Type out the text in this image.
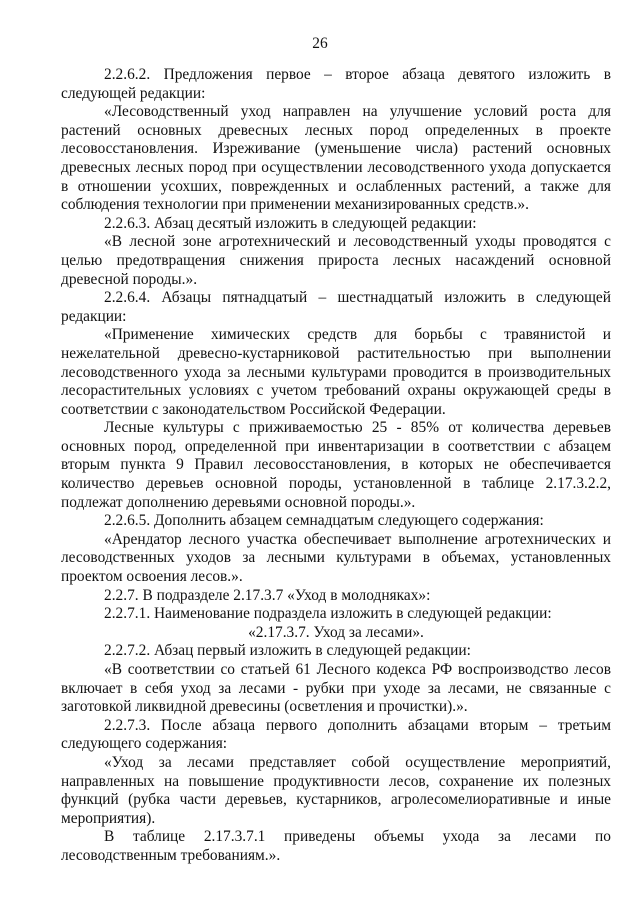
26

2.2.6.2. Предложения первое – второе абзаца девятого изложить в следующей редакции:

«Лесоводственный уход направлен на улучшение условий роста для растений основных древесных лесных пород определенных в проекте лесовосстановления. Изреживание (уменьшение числа) растений основных древесных лесных пород при осуществлении лесоводственного ухода допускается в отношении усохших, поврежденных и ослабленных растений, а также для соблюдения технологии при применении механизированных средств.».

2.2.6.3. Абзац десятый изложить в следующей редакции:

«В лесной зоне агротехнический и лесоводственный уходы проводятся с целью предотвращения снижения прироста лесных насаждений основной древесной породы.».

2.2.6.4. Абзацы пятнадцатый – шестнадцатый изложить в следующей редакции:

«Применение химических средств для борьбы с травянистой и нежелательной древесно-кустарниковой растительностью при выполнении лесоводственного ухода за лесными культурами проводится в производительных лесорастительных условиях с учетом требований охраны окружающей среды в соответствии с законодательством Российской Федерации.

Лесные культуры с приживаемостью 25 - 85% от количества деревьев основных пород, определенной при инвентаризации в соответствии с абзацем вторым пункта 9 Правил лесовосстановления, в которых не обеспечивается количество деревьев основной породы, установленной в таблице 2.17.3.2.2, подлежат дополнению деревьями основной породы.».

2.2.6.5. Дополнить абзацем семнадцатым следующего содержания:

«Арендатор лесного участка обеспечивает выполнение агротехнических и лесоводственных уходов за лесными культурами в объемах, установленных проектом освоения лесов.».

2.2.7. В подразделе 2.17.3.7 «Уход в молодняках»:

2.2.7.1. Наименование подраздела изложить в следующей редакции:

«2.17.3.7. Уход за лесами».

2.2.7.2. Абзац первый изложить в следующей редакции:

«В соответствии со статьей 61 Лесного кодекса РФ воспроизводство лесов включает в себя уход за лесами - рубки при уходе за лесами, не связанные с заготовкой ликвидной древесины (осветления и прочистки).».

2.2.7.3. После абзаца первого дополнить абзацами вторым – третьим следующего содержания:

«Уход за лесами представляет собой осуществление мероприятий, направленных на повышение продуктивности лесов, сохранение их полезных функций (рубка части деревьев, кустарников, агролесомелиоративные и иные мероприятия).

В таблице 2.17.3.7.1 приведены объемы ухода за лесами по лесоводственным требованиям.».
